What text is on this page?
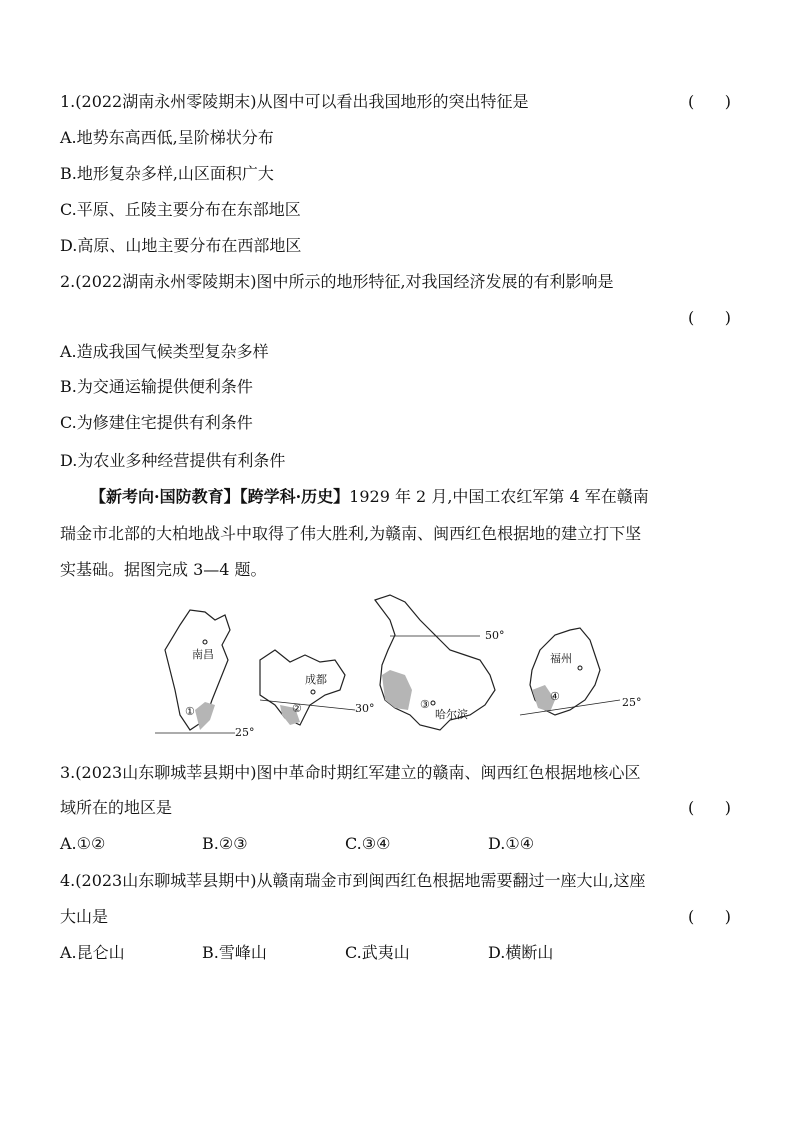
1.(2022湖南永州零陵期末)从图中可以看出我国地形的突出特征是	(      )
A.地势东高西低,呈阶梯状分布
B.地形复杂多样,山区面积广大
C.平原、丘陵主要分布在东部地区
D.高原、山地主要分布在西部地区
2.(2022湖南永州零陵期末)图中所示的地形特征,对我国经济发展的有利影响是
(      )
A.造成我国气候类型复杂多样
B.为交通运输提供便利条件
C.为修建住宅提供有利条件
D.为农业多种经营提供有利条件
【新考向·国防教育】【跨学科·历史】1929 年 2 月,中国工农红军第 4 军在赣南
瑞金市北部的大柏地战斗中取得了伟大胜利,为赣南、闽西红色根据地的建立打下坚
实基础。据图完成 3—4 题。
南昌
①
25°
成都
②	30°
50°
③
哈尔滨
福州
④	25°
3.(2023山东聊城莘县期中)图中革命时期红军建立的赣南、闽西红色根据地核心区
域所在的地区是	(      )
A.①②	B.②③	C.③④	D.①④
4.(2023山东聊城莘县期中)从赣南瑞金市到闽西红色根据地需要翻过一座大山,这座
大山是	(      )
A.昆仑山	B.雪峰山	C.武夷山	D.横断山
